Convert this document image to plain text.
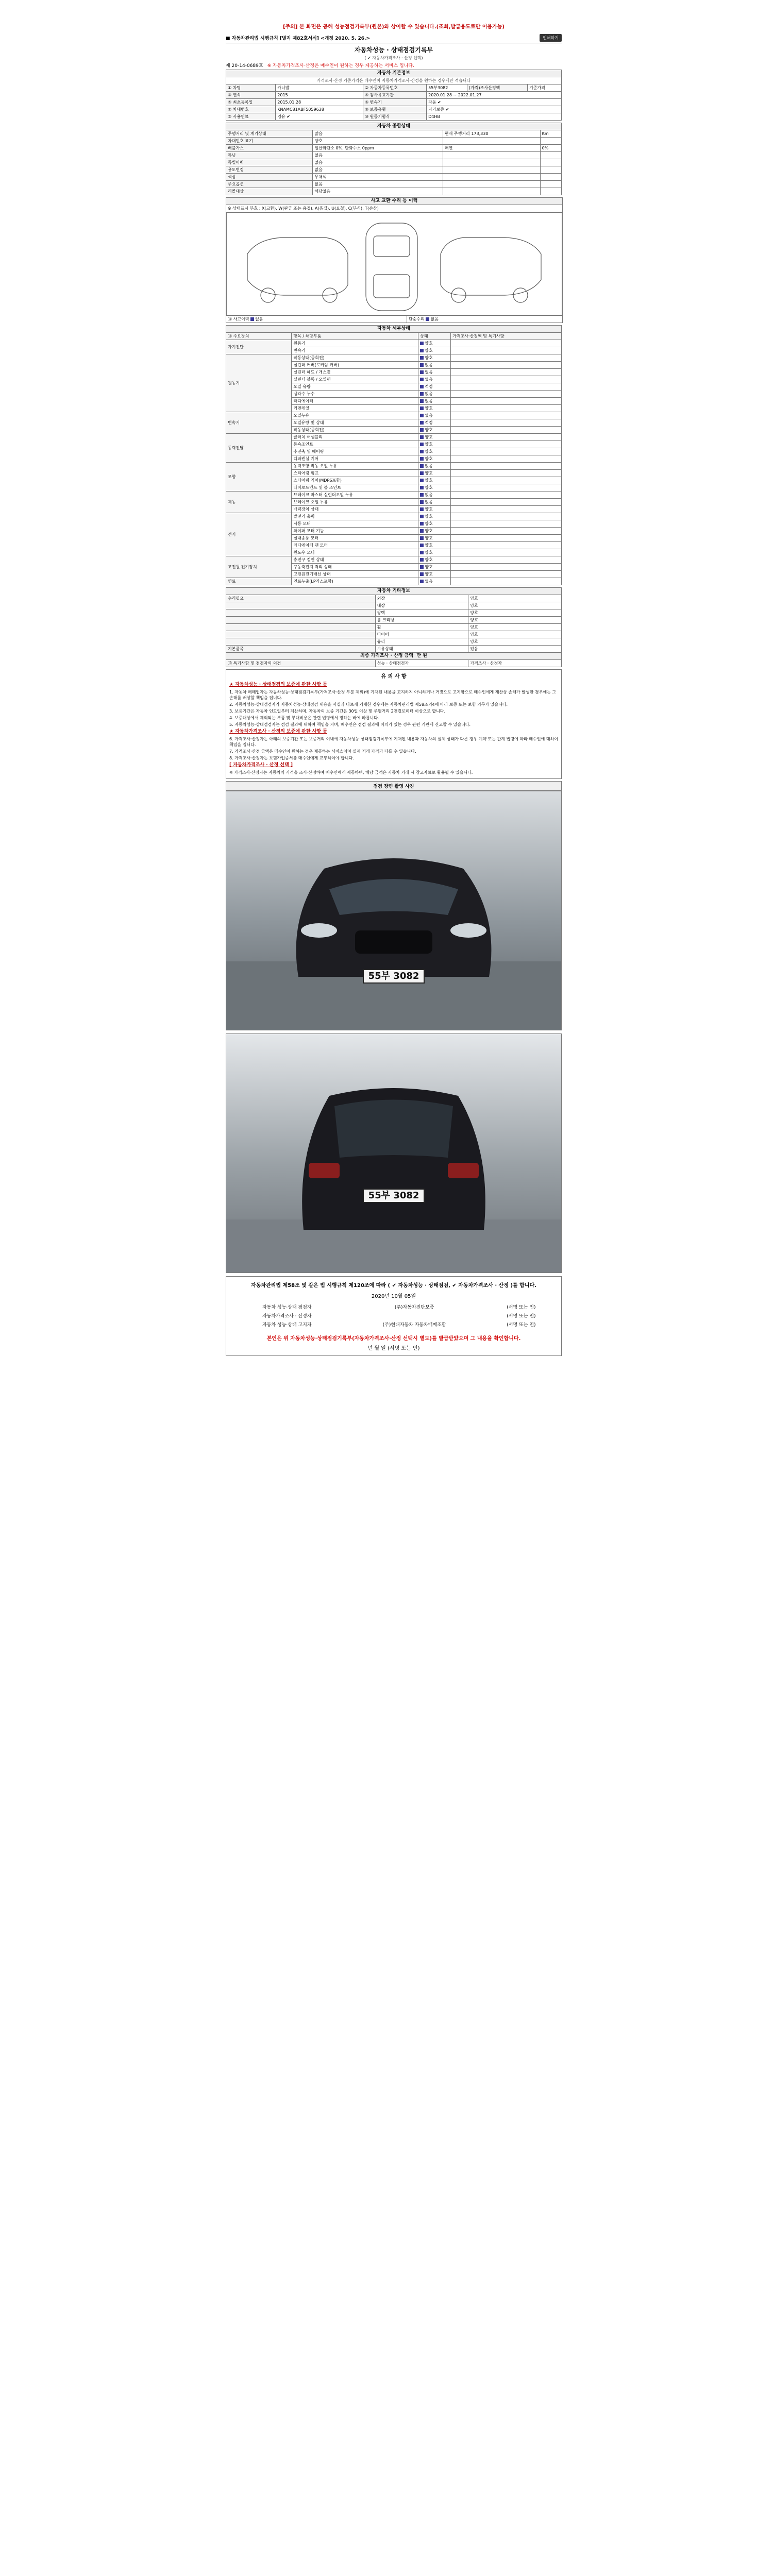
[주의] 본 화면은 공해 성능점검기록부(원본)와 상이할 수 있습니다.(조회,발급용도로만 이용가능)
■ 자동차관리법 시행규칙 [별지 제82호서식] <개정 2020. 5. 26.>	인쇄하기
자동차성능 · 상태점검기록부
( ✔ 자동차가격조사 · 산정 선택)
제 20-14-0689호 ※ 자동차가격조사·산정은 매수인이 원하는 경우 제공하는 서비스 입니다.
자동차 기본정보					
가격조사·산정 기준가격은 매수인이 자동차가격조사·산정을 원하는 경우에만 적습니다					
① 차명	카니발	② 자동차등록번호	55부3082	(가격)조사산정액	기준가격
③ 연식	2015	④ 검사유효기간	2020.01.28 ~ 2022.01.27		
⑤ 최초등록일	2015.01.28	⑥ 변속기	자동 ✔		
⑦ 차대번호	KNAMC81ABF5059638	⑧ 보증유형	자가보증 ✔		
⑨ 사용연료	경유 ✔	⑩ 원동기형식	D4HB		
자동차 종합상태			
주행거리 및 계기상태	많음	현재 주행거리 173,330	Km
차대번호 표기	양호		
배출가스	일산화탄소 0%, 탄화수소 0ppm	매연	0%
튜닝	없음		
특별이력	없음		
용도변경	없음		
색상	무채색		
주요옵션	없음		
리콜대상	해당없음		
사고 교환 수리 등 이력
※ 상태표시 부호 : X(교환), W(판금 또는 용접), A(흠집), U(요철), C(부식), T(손상)

⑪ 사고이력 없음	단순수리 없음
자동차 세부상태			
⑬ 주요장치	항목 / 해당부품	상태	가격조사·산정액 및 특기사항
자기진단	원동기	양호	
	변속기	양호	
원동기	작동상태(공회전)	양호	
	실린더 커버(로커암 커버)	없음	
	실린더 헤드 / 개스킷	없음	
	실린더 블록 / 오일팬	없음	
	오일 유량	적정	
	냉각수 누수	없음	
	라디에이터	없음	
	커먼레일	양호	
변속기	오일누유	없음	
	오일유량 및 상태	적정	
	작동상태(공회전)	양호	
동력전달	클러치 어셈블리	양호	
	등속조인트	양호	
	추진축 및 베어링	양호	
	디퍼렌셜 기어	양호	
조향	동력조향 작동 오일 누유	없음	
	스티어링 펌프	양호	
	스티어링 기어(MDPS포함)	양호	
	타이로드엔드 및 볼 조인트	양호	
제동	브레이크 마스터 실린더오일 누유	없음	
	브레이크 오일 누유	없음	
	배력장치 상태	양호	
전기	발전기 출력	양호	
	시동 모터	양호	
	와이퍼 모터 기능	양호	
	실내송풍 모터	양호	
	라디에이터 팬 모터	양호	
	윈도우 모터	양호	
고전원 전기장치	충전구 절연 상태	양호	
	구동축전지 격리 상태	양호	
	고전원전기배선 상태	양호	
연료	연료누출(LP가스포함)	없음	
자동차 기타정보		
수리필요	외장	양호
	내장	양호
	광택	양호
	룸 크리닝	양호
	휠	양호
	타이어	양호
	유리	양호
기본품목	보유상태	있음
최종 가격조사 · 산정 금액 만 원		
⑰ 특기사항 및 점검자의 의견	성능 · 상태점검자	가격조사 · 산정자
유 의 사 항
★ 자동차성능 · 상태점검의 보증에 관한 사항 등

1. 자동차 매매업자는 자동차성능·상태점검기록부(가격조사·산정 부분 제외)에 기재된 내용을 고지하지 아니하거나 거짓으로 고지함으로 매수인에게 재산상 손해가 발생한 경우에는 그 손해를 배상할 책임을 집니다.

2. 자동차성능·상태점검자가 자동차성능·상태점검 내용을 사실과 다르게 기재한 경우에는 자동차관리법 제58조의4에 따라 보증 또는 보험 의무가 있습니다.

3. 보증기간은 자동차 인도일부터 계산하며, 자동차의 보증 기간은 30일 이상 및 주행거리 2천킬로미터 이상으로 합니다.

4. 보증대상에서 제외되는 부품 및 부대비용은 관련 법령에서 정하는 바에 따릅니다.

5. 자동차성능·상태점검자는 점검 결과에 대하여 책임을 지며, 매수인은 점검 결과에 이의가 있는 경우 관련 기관에 신고할 수 있습니다.

★ 자동차가격조사 · 산정의 보증에 관한 사항 등

6. 가격조사·산정자는 아래의 보증기간 또는 보증거리 이내에 자동차성능·상태점검기록부에 기재된 내용과 자동차의 실제 상태가 다른 경우 계약 또는 관계 법령에 따라 매수인에 대하여 책임을 집니다.

7. 가격조사·산정 금액은 매수인이 원하는 경우 제공하는 서비스이며 실제 거래 가격과 다를 수 있습니다.

8. 가격조사·산정자는 보험가입증서를 매수인에게 교부하여야 합니다.

[ 자동차가격조사 · 산정 선택 ]

※ 가격조사·산정자는 자동차의 가격을 조사·산정하여 매수인에게 제공하며, 해당 금액은 자동차 거래 시 참고자료로 활용될 수 있습니다.

점검 장면 촬영 사진
55부 3082
55부 3082

자동차관리법 제58조 및 같은 법 시행규칙 제120조에 따라 ( ✔ 자동차성능 · 상태점검, ✔ 자동차가격조사 · 산정 )를 합니다.

2020년 10월 05일

자동차 성능·상태 점검자	(주)자동차진단보증	(서명 또는 인)
자동차가격조사 · 산정자		(서명 또는 인)
자동차 성능·상태 고지자	(주)현대자동차 자동차매매조합	(서명 또는 인)

본인은 위 자동차성능·상태점검기록부(자동차가격조사·산정 선택시 별도)를 발급받았으며 그 내용을 확인합니다.

년 월 일 (서명 또는 인)
